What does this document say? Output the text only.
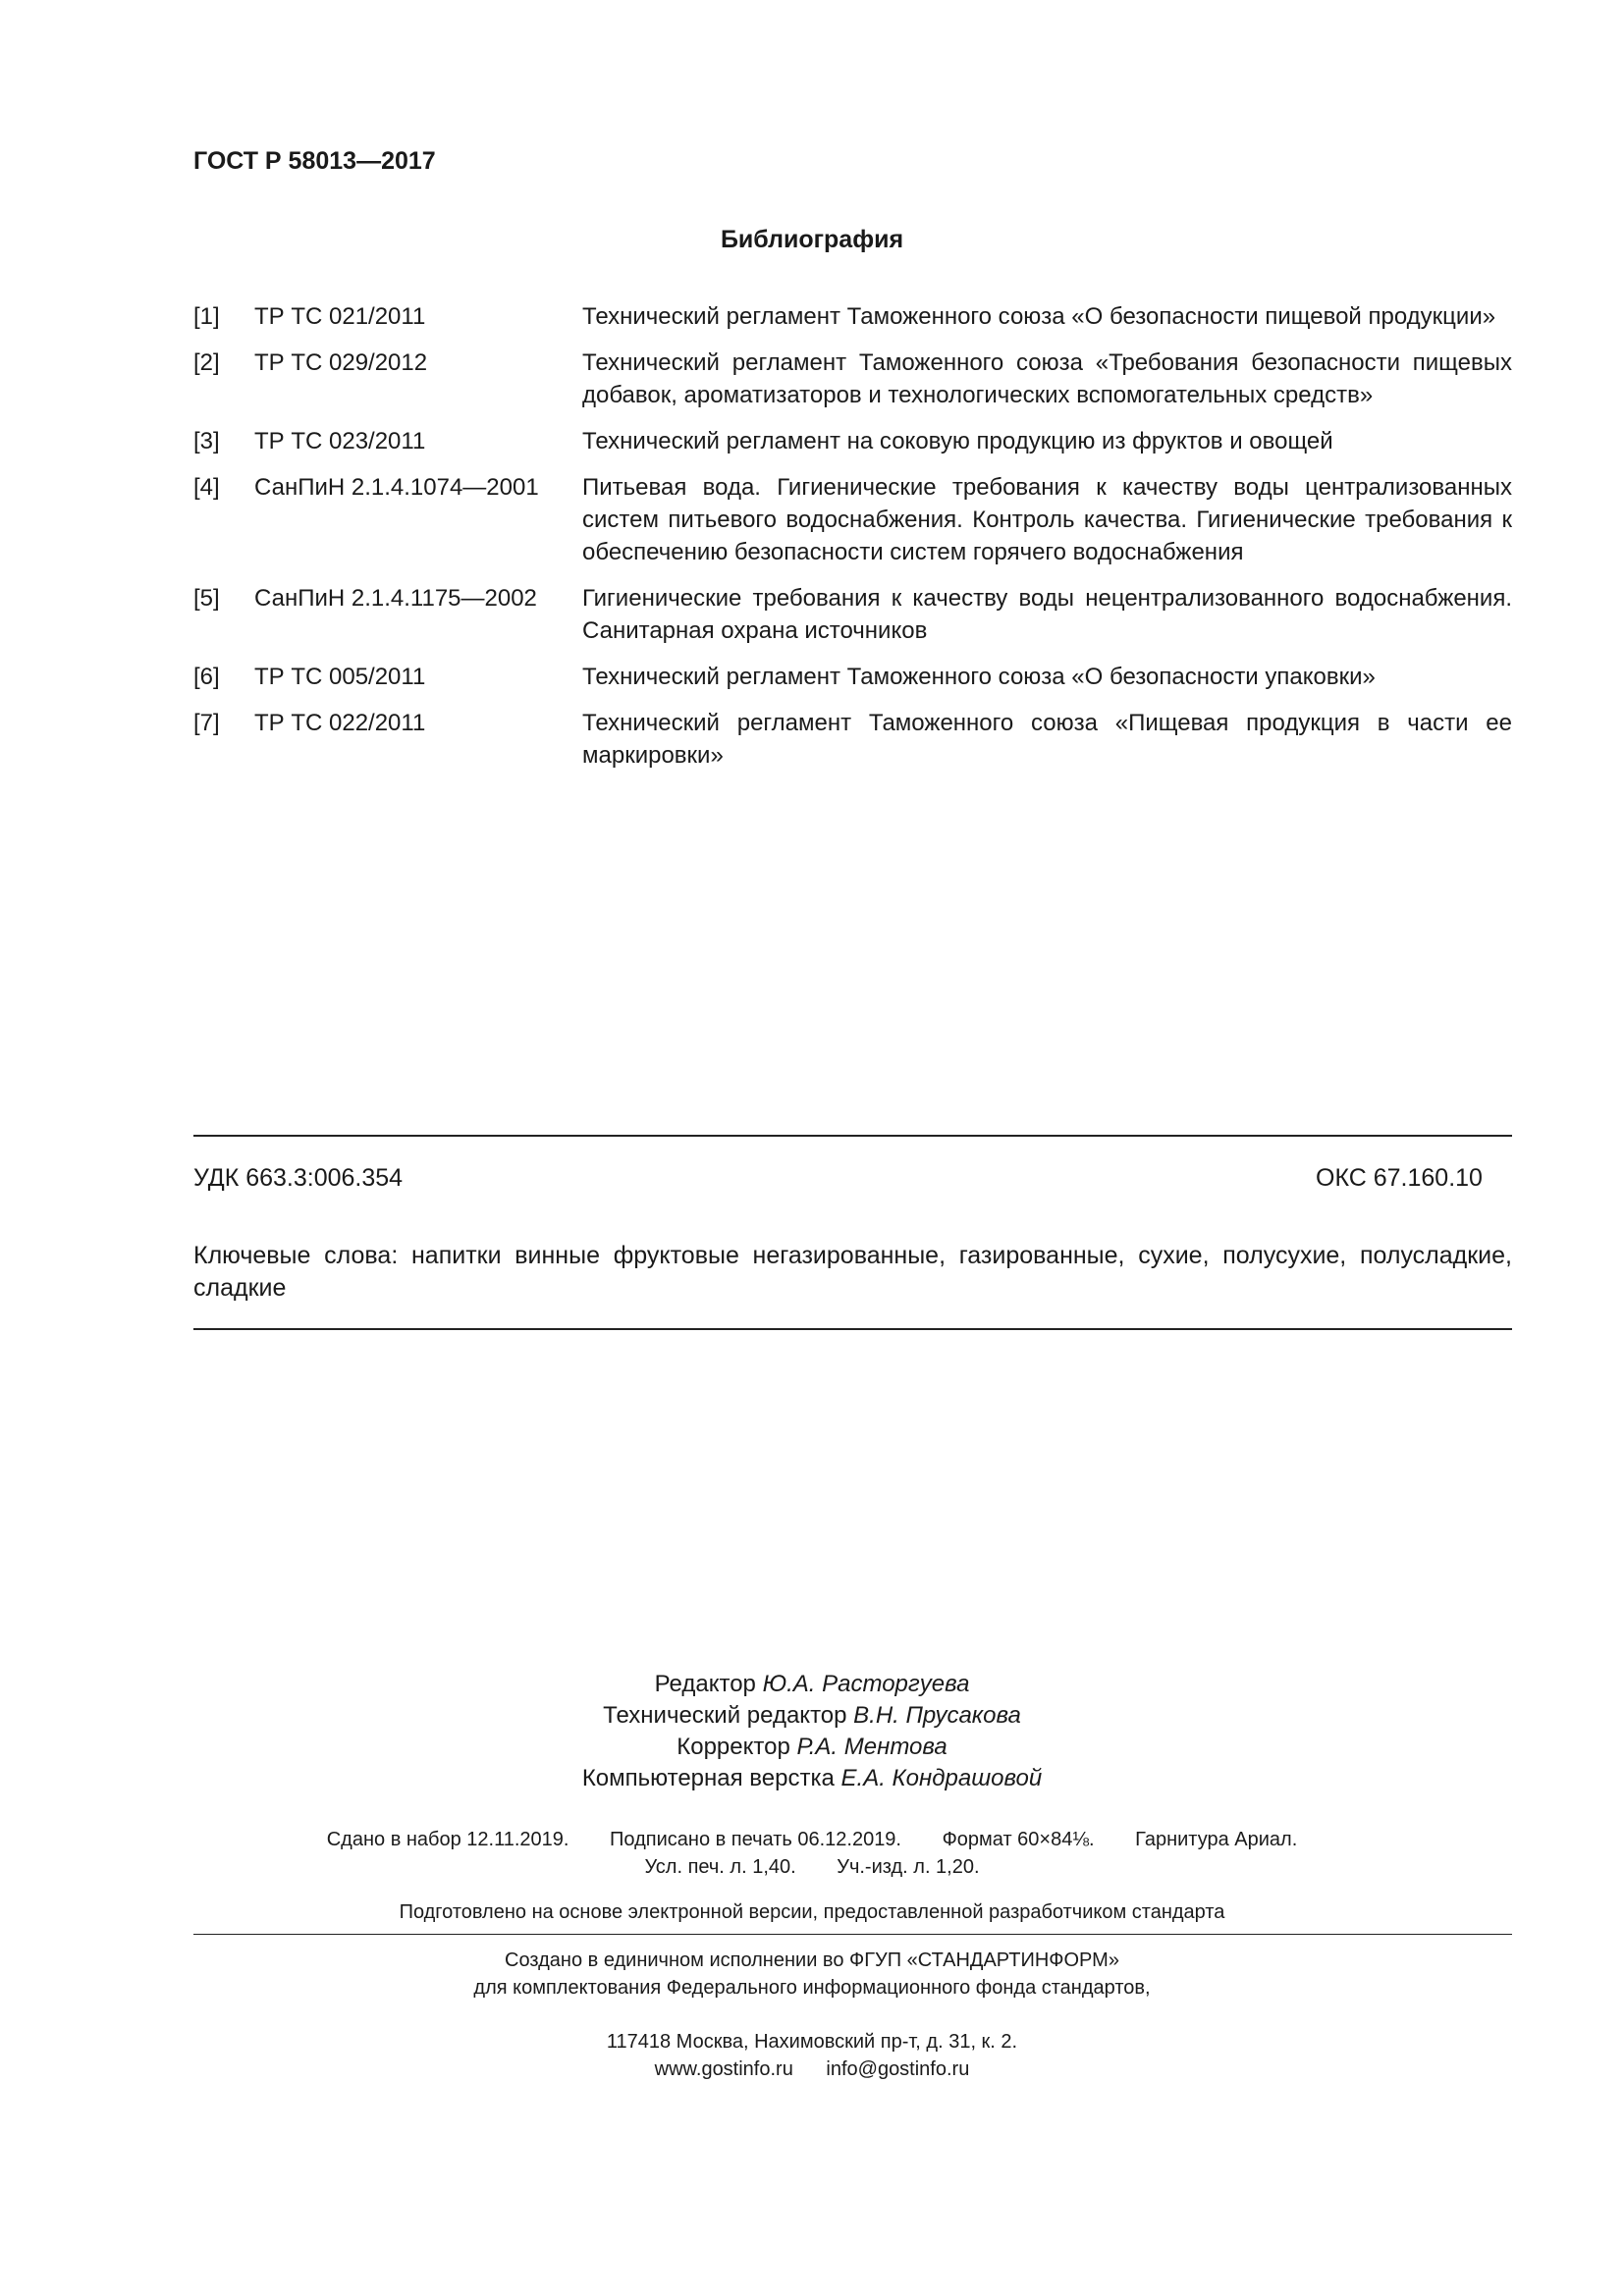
ГОСТ Р 58013—2017
Библиография
[1]	ТР ТС 021/2011	Технический регламент Таможенного союза «О безопасности пищевой продукции»
[2]	ТР ТС 029/2012	Технический регламент Таможенного союза «Требования безопасности пищевых добавок, ароматизаторов и технологических вспомогательных средств»
[3]	ТР ТС 023/2011	Технический регламент на соковую продукцию из фруктов и овощей
[4]	СанПиН 2.1.4.1074—2001	Питьевая вода. Гигиенические требования к качеству воды централизованных систем питьевого водоснабжения. Контроль качества. Гигиенические требования к обеспечению безопасности систем горячего водоснабжения
[5]	СанПиН 2.1.4.1175—2002	Гигиенические требования к качеству воды нецентрализованного водоснабжения. Санитарная охрана источников
[6]	ТР ТС 005/2011	Технический регламент Таможенного союза «О безопасности упаковки»
[7]	ТР ТС 022/2011	Технический регламент Таможенного союза «Пищевая продукция в части ее маркировки»
УДК 663.3:006.354	ОКС 67.160.10
Ключевые слова: напитки винные фруктовые негазированные, газированные, сухие, полусухие, полусладкие, сладкие
Редактор Ю.А. Расторгуева
Технический редактор В.Н. Прусакова
Корректор Р.А. Ментова
Компьютерная верстка Е.А. Кондрашовой
Сдано в набор 12.11.2019. Подписано в печать 06.12.2019. Формат 60×84⅛. Гарнитура Ариал.
Усл. печ. л. 1,40. Уч.-изд. л. 1,20.
Подготовлено на основе электронной версии, предоставленной разработчиком стандарта
Создано в единичном исполнении во ФГУП «СТАНДАРТИНФОРМ»
для комплектования Федерального информационного фонда стандартов,
117418 Москва, Нахимовский пр-т, д. 31, к. 2.
www.gostinfo.ru info@gostinfo.ru
